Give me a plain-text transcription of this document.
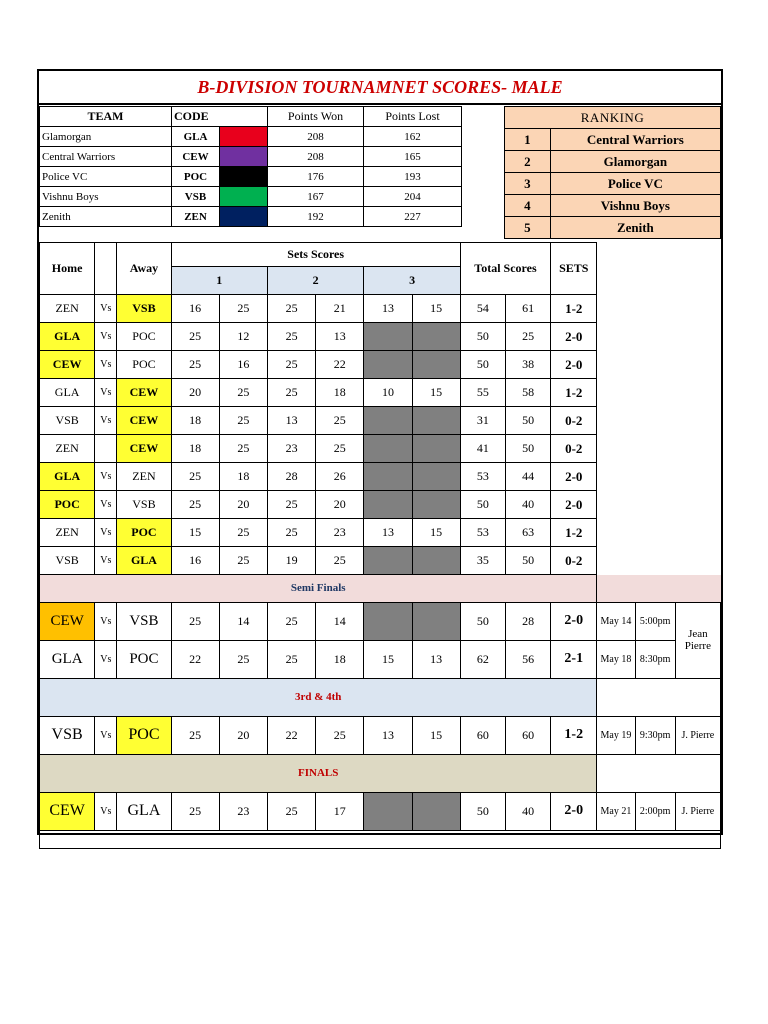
B-DIVISION TOURNAMNET SCORES- MALE
TEAM	CODE		Points Won	Points Lost
Glamorgan	GLA		208	162
Central Warriors	CEW		208	165
Police VC	POC		176	193
Vishnu Boys	VSB		167	204
Zenith	ZEN		192	227
RANKING	
1	Central Warriors
2	Glamorgan
3	Police VC
4	Vishnu Boys
5	Zenith
Home		Away	Sets Scores						Total Scores		SETS			
			1		2		3							
ZEN	Vs	VSB	16	25	25	21	13	15	54	61	1-2			
GLA	Vs	POC	25	12	25	13			50	25	2-0			
CEW	Vs	POC	25	16	25	22			50	38	2-0			
GLA	Vs	CEW	20	25	25	18	10	15	55	58	1-2			
VSB	Vs	CEW	18	25	13	25			31	50	0-2			
ZEN		CEW	18	25	23	25			41	50	0-2			
GLA	Vs	ZEN	25	18	28	26			53	44	2-0			
POC	Vs	VSB	25	20	25	20			50	40	2-0			
ZEN	Vs	POC	15	25	25	23	13	15	53	63	1-2			
VSB	Vs	GLA	16	25	19	25			35	50	0-2			
Semi Finals														
CEW	Vs	VSB	25	14	25	14			50	28	2-0	May 14	5:00pm	Jean Pierre
GLA	Vs	POC	22	25	25	18	15	13	62	56	2-1	May 18	8:30pm	
3rd & 4th														
VSB	Vs	POC	25	20	22	25	13	15	60	60	1-2	May 19	9:30pm	J. Pierre
FINALS														
CEW	Vs	GLA	25	23	25	17			50	40	2-0	May 21	2:00pm	J. Pierre
